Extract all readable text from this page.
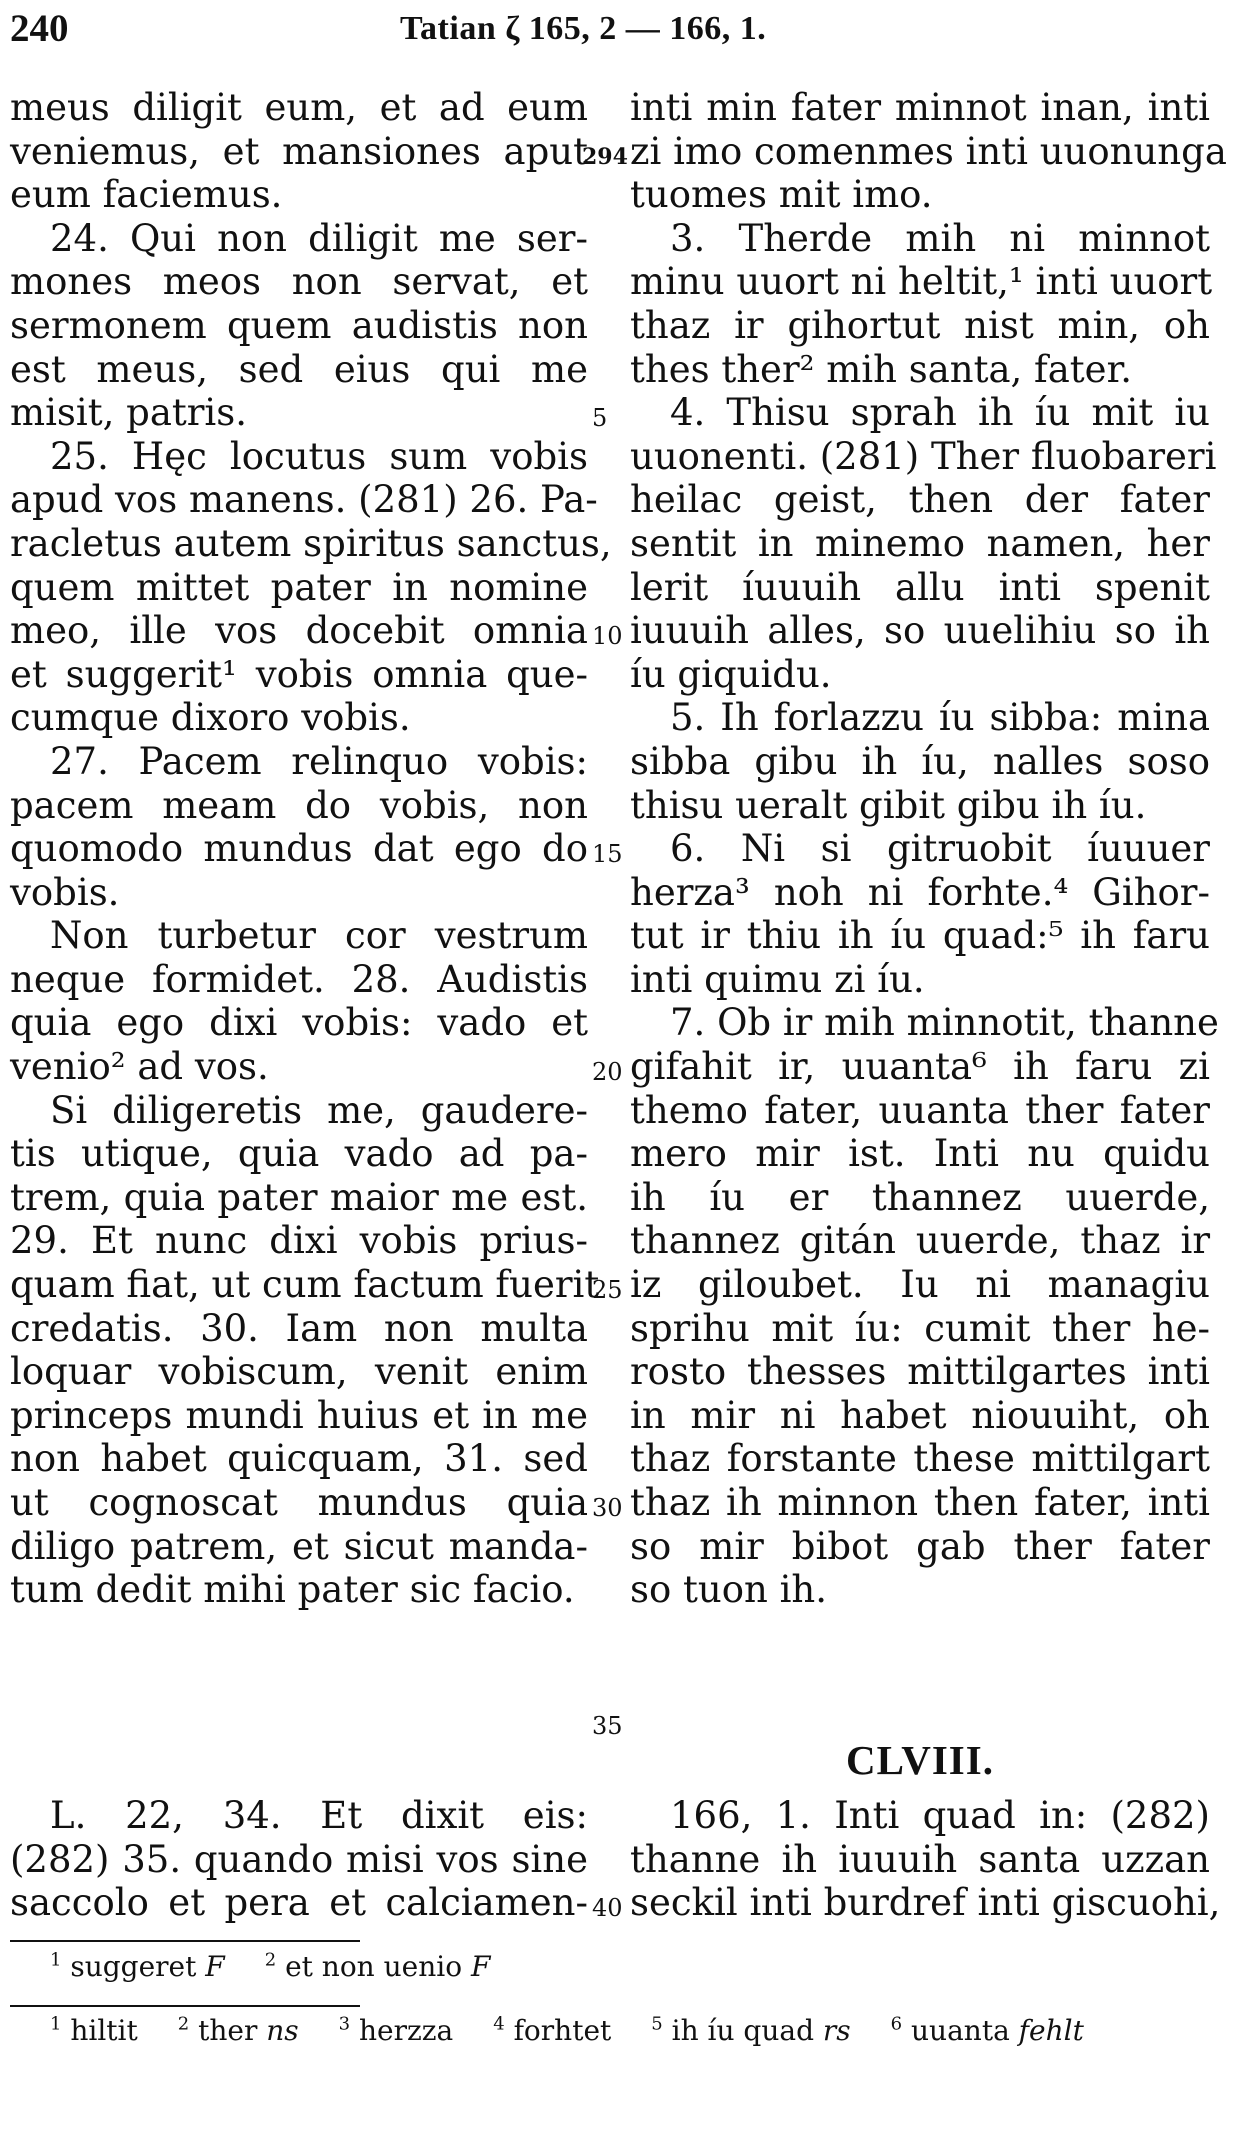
240	Tatian ζ 165, 2 — 166, 1.
meus diligit eum, et ad eum
veniemus, et mansiones aput
eum faciemus.
24. Qui non diligit me ser-
mones meos non servat, et
sermonem quem audistis non
est meus, sed eius qui me
misit, patris.
25. Hęc locutus sum vobis
apud vos manens. (281) 26. Pa-
racletus autem spiritus sanctus,
quem mittet pater in nomine
meo, ille vos docebit omnia
et suggerit¹ vobis omnia que-
cumque dixoro vobis.
27. Pacem relinquo vobis:
pacem meam do vobis, non
quomodo mundus dat ego do
vobis.
Non turbetur cor vestrum
neque formidet. 28. Audistis
quia ego dixi vobis: vado et
venio² ad vos.
Si diligeretis me, gaudere-
tis utique, quia vado ad pa-
trem, quia pater maior me est.
29. Et nunc dixi vobis prius-
quam fiat, ut cum factum fuerit
credatis. 30. Iam non multa
loquar vobiscum, venit enim
princeps mundi huius et in me
non habet quicquam, 31. sed
ut cognoscat mundus quia
diligo patrem, et sicut manda-
tum dedit mihi pater sic facio.
294
5
10
15
20
25
30
35
40
inti min fater minnot inan, inti
zi imo comenmes inti uuonunga
tuomes mit imo.
3. Therde mih ni minnot
minu uuort ni heltit,¹ inti uuort
thaz ir gihortut nist min, oh
thes ther² mih santa, fater.
4. Thisu sprah ih íu mit iu
uuonenti. (281) Ther fluobareri
heilac geist, then der fater
sentit in minemo namen, her
lerit íuuuih allu inti spenit
iuuuih alles, so uuelihiu so ih
íu giquidu.
5. Ih forlazzu íu sibba: mina
sibba gibu ih íu, nalles soso
thisu ueralt gibit gibu ih íu.
6. Ni si gitruobit íuuuer
herza³ noh ni forhte.⁴ Gihor-
tut ir thiu ih íu quad:⁵ ih faru
inti quimu zi íu.
7. Ob ir mih minnotit, thanne
gifahit ir, uuanta⁶ ih faru zi
themo fater, uuanta ther fater
mero mir ist. Inti nu quidu
ih íu er thannez uuerde,
thannez gitán uuerde, thaz ir
iz giloubet. Iu ni managiu
sprihu mit íu: cumit ther he-
rosto thesses mittilgartes inti
in mir ni habet niouuiht, oh
thaz forstante these mittilgart
thaz ih minnon then fater, inti
so mir bibot gab ther fater
so tuon ih.
CLVIII.
L. 22, 34. Et dixit eis:
(282) 35. quando misi vos sine
saccolo et pera et calciamen-
166, 1. Inti quad in: (282)
thanne ih iuuuih santa uzzan
seckil inti burdref inti giscuohi,
$^1$ suggeret F $^2$ et non uenio F
$^1$ hiltit$^2$ ther ns $^3$ herzza$^4$ forhtet$^5$ ih íu quad rs $^6$ uuanta fehlt
